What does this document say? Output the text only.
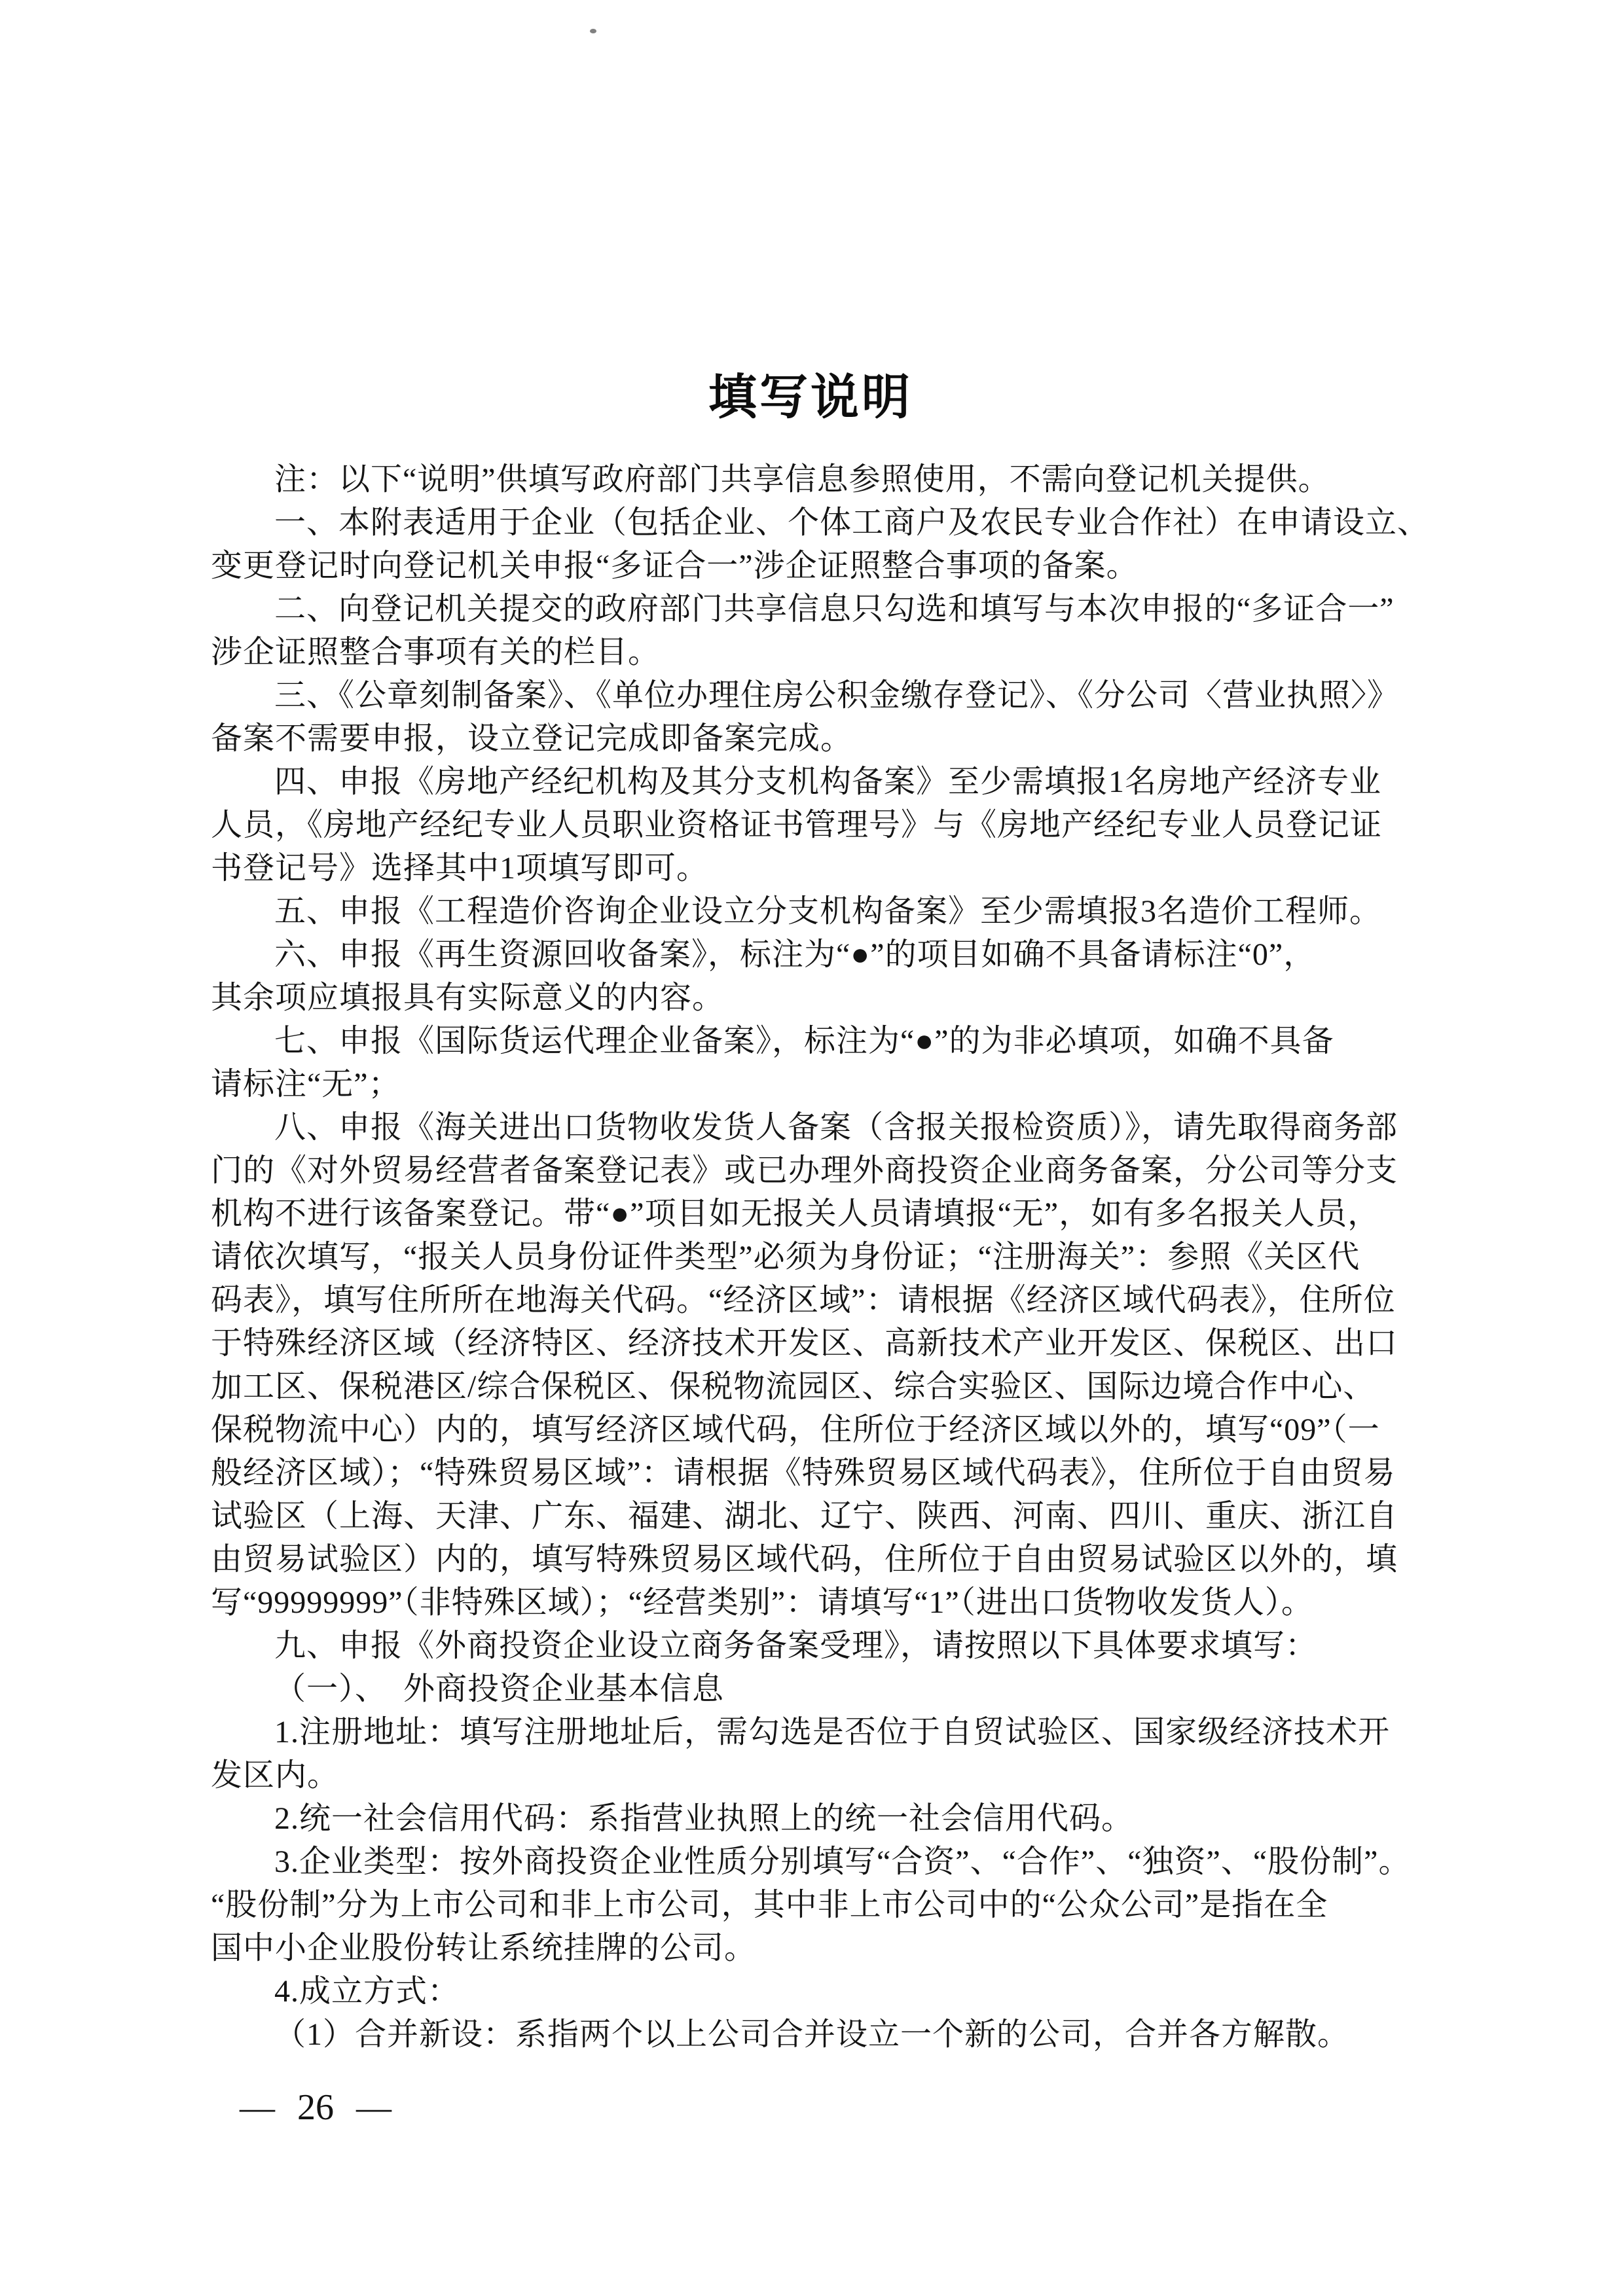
填写说明
注：以下“说明”供填写政府部门共享信息参照使用，不需向登记机关提供。
一、本附表适用于企业（包括企业、个体工商户及农民专业合作社）在申请设立、
变更登记时向登记机关申报“多证合一”涉企证照整合事项的备案。
二、向登记机关提交的政府部门共享信息只勾选和填写与本次申报的“多证合一”
涉企证照整合事项有关的栏目。
三、《公章刻制备案》、《单位办理住房公积金缴存登记》、《分公司〈营业执照〉》
备案不需要申报，设立登记完成即备案完成。
四、申报《房地产经纪机构及其分支机构备案》至少需填报1名房地产经济专业
人员，《房地产经纪专业人员职业资格证书管理号》与《房地产经纪专业人员登记证
书登记号》选择其中1项填写即可。
五、申报《工程造价咨询企业设立分支机构备案》至少需填报3名造价工程师。
六、申报《再生资源回收备案》，标注为“●”的项目如确不具备请标注“0”，
其余项应填报具有实际意义的内容。
七、申报《国际货运代理企业备案》，标注为“●”的为非必填项，如确不具备
请标注“无”；
八、申报《海关进出口货物收发货人备案（含报关报检资质）》，请先取得商务部
门的《对外贸易经营者备案登记表》或已办理外商投资企业商务备案，分公司等分支
机构不进行该备案登记。带“●”项目如无报关人员请填报“无”，如有多名报关人员，
请依次填写，“报关人员身份证件类型”必须为身份证；“注册海关”：参照《关区代
码表》，填写住所所在地海关代码。“经济区域”：请根据《经济区域代码表》，住所位
于特殊经济区域（经济特区、经济技术开发区、高新技术产业开发区、保税区、出口
加工区、保税港区/综合保税区、保税物流园区、综合实验区、国际边境合作中心、
保税物流中心）内的，填写经济区域代码，住所位于经济区域以外的，填写“09”（一
般经济区域）；“特殊贸易区域”：请根据《特殊贸易区域代码表》，住所位于自由贸易
试验区（上海、天津、广东、福建、湖北、辽宁、陕西、河南、四川、重庆、浙江自
由贸易试验区）内的，填写特殊贸易区域代码，住所位于自由贸易试验区以外的，填
写“99999999”（非特殊区域）；“经营类别”：请填写“1”（进出口货物收发货人）。
九、申报《外商投资企业设立商务备案受理》，请按照以下具体要求填写：
（一）、　外商投资企业基本信息
1.注册地址：填写注册地址后，需勾选是否位于自贸试验区、国家级经济技术开
发区内。
2.统一社会信用代码：系指营业执照上的统一社会信用代码。
3.企业类型：按外商投资企业性质分别填写“合资”、“合作”、“独资”、“股份制”。
“股份制”分为上市公司和非上市公司，其中非上市公司中的“公众公司”是指在全
国中小企业股份转让系统挂牌的公司。
4.成立方式：
（1）合并新设：系指两个以上公司合并设立一个新的公司，合并各方解散。
— 26 —
